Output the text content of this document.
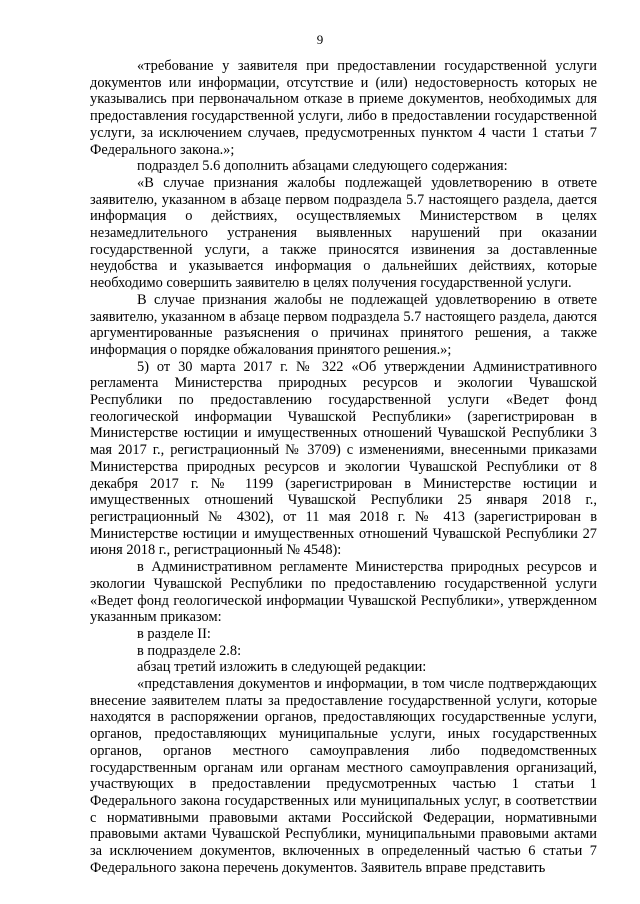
9

«требование у заявителя при предоставлении государственной услуги документов или информации, отсутствие и (или) недостоверность которых не указывались при первоначальном отказе в приеме документов, необходимых для предоставления государственной услуги, либо в предоставлении государственной услуги, за исключением случаев, предусмотренных пунктом 4 части 1 статьи 7 Федерального закона.»;

подраздел 5.6 дополнить абзацами следующего содержания:

«В случае признания жалобы подлежащей удовлетворению в ответе заявителю, указанном в абзаце первом подраздела 5.7 настоящего раздела, дается информация о действиях, осуществляемых Министерством в целях незамедлительного устранения выявленных нарушений при оказании государственной услуги, а также приносятся извинения за доставленные неудобства и указывается информация о дальнейших действиях, которые необходимо совершить заявителю в целях получения государственной услуги.

В случае признания жалобы не подлежащей удовлетворению в ответе заявителю, указанном в абзаце первом подраздела 5.7 настоящего раздела, даются аргументированные разъяснения о причинах принятого решения, а также информация о порядке обжалования принятого решения.»;

5) от 30 марта 2017 г. № 322 «Об утверждении Административного регламента Министерства природных ресурсов и экологии Чувашской Республики по предоставлению государственной услуги «Ведет фонд геологической информации Чувашской Республики» (зарегистрирован в Министерстве юстиции и имущественных отношений Чувашской Республики 3 мая 2017 г., регистрационный № 3709) с изменениями, внесенными приказами Министерства природных ресурсов и экологии Чувашской Республики от 8 декабря 2017 г. № 1199 (зарегистрирован в Министерстве юстиции и имущественных отношений Чувашской Республики 25 января 2018 г., регистрационный № 4302), от 11 мая 2018 г. № 413 (зарегистрирован в Министерстве юстиции и имущественных отношений Чувашской Республики 27 июня 2018 г., регистрационный № 4548):

в Административном регламенте Министерства природных ресурсов и экологии Чувашской Республики по предоставлению государственной услуги «Ведет фонд геологической информации Чувашской Республики», утвержденном указанным приказом:

в разделе II:

в подразделе 2.8:

абзац третий изложить в следующей редакции:

«представления документов и информации, в том числе подтверждающих внесение заявителем платы за предоставление государственной услуги, которые находятся в распоряжении органов, предоставляющих государственные услуги, органов, предоставляющих муниципальные услуги, иных государственных органов, органов местного самоуправления либо подведомственных государственным органам или органам местного самоуправления организаций, участвующих в предоставлении предусмотренных частью 1 статьи 1 Федерального закона государственных или муниципальных услуг, в соответствии с нормативными правовыми актами Российской Федерации, нормативными правовыми актами Чувашской Республики, муниципальными правовыми актами за исключением документов, включенных в определенный частью 6 статьи 7 Федерального закона перечень документов. Заявитель вправе представить
